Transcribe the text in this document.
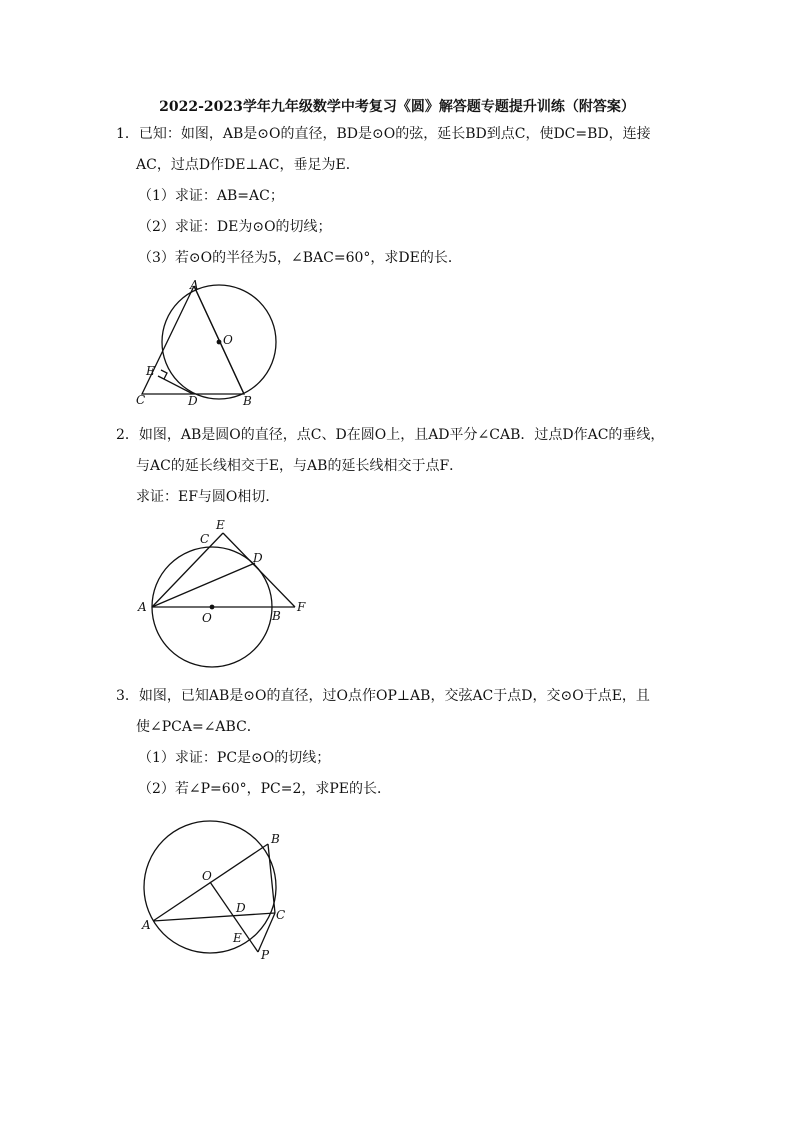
2022-2023学年九年级数学中考复习《圆》解答题专题提升训练（附答案）
1．已知：如图，AB是⊙O的直径，BD是⊙O的弦，延长BD到点C，使DC=BD，连接
AC，过点D作DE⊥AC，垂足为E．
（1）求证：AB=AC；
（2）求证：DE为⊙O的切线；
（3）若⊙O的半径为5，∠BAC=60°，求DE的长．
A
O
E
C	D	B
2．如图，AB是圆O的直径，点C、D在圆O上，且AD平分∠CAB．过点D作AC的垂线，
与AC的延长线相交于E，与AB的延长线相交于点F．
求证：EF与圆O相切．
E
C
D
A
O	B
F
3．如图，已知AB是⊙O的直径，过O点作OP⊥AB，交弦AC于点D，交⊙O于点E，且
使∠PCA=∠ABC．
（1）求证：PC是⊙O的切线；
（2）若∠P=60°，PC=2，求PE的长．
B
O
D	C
A
E
P
